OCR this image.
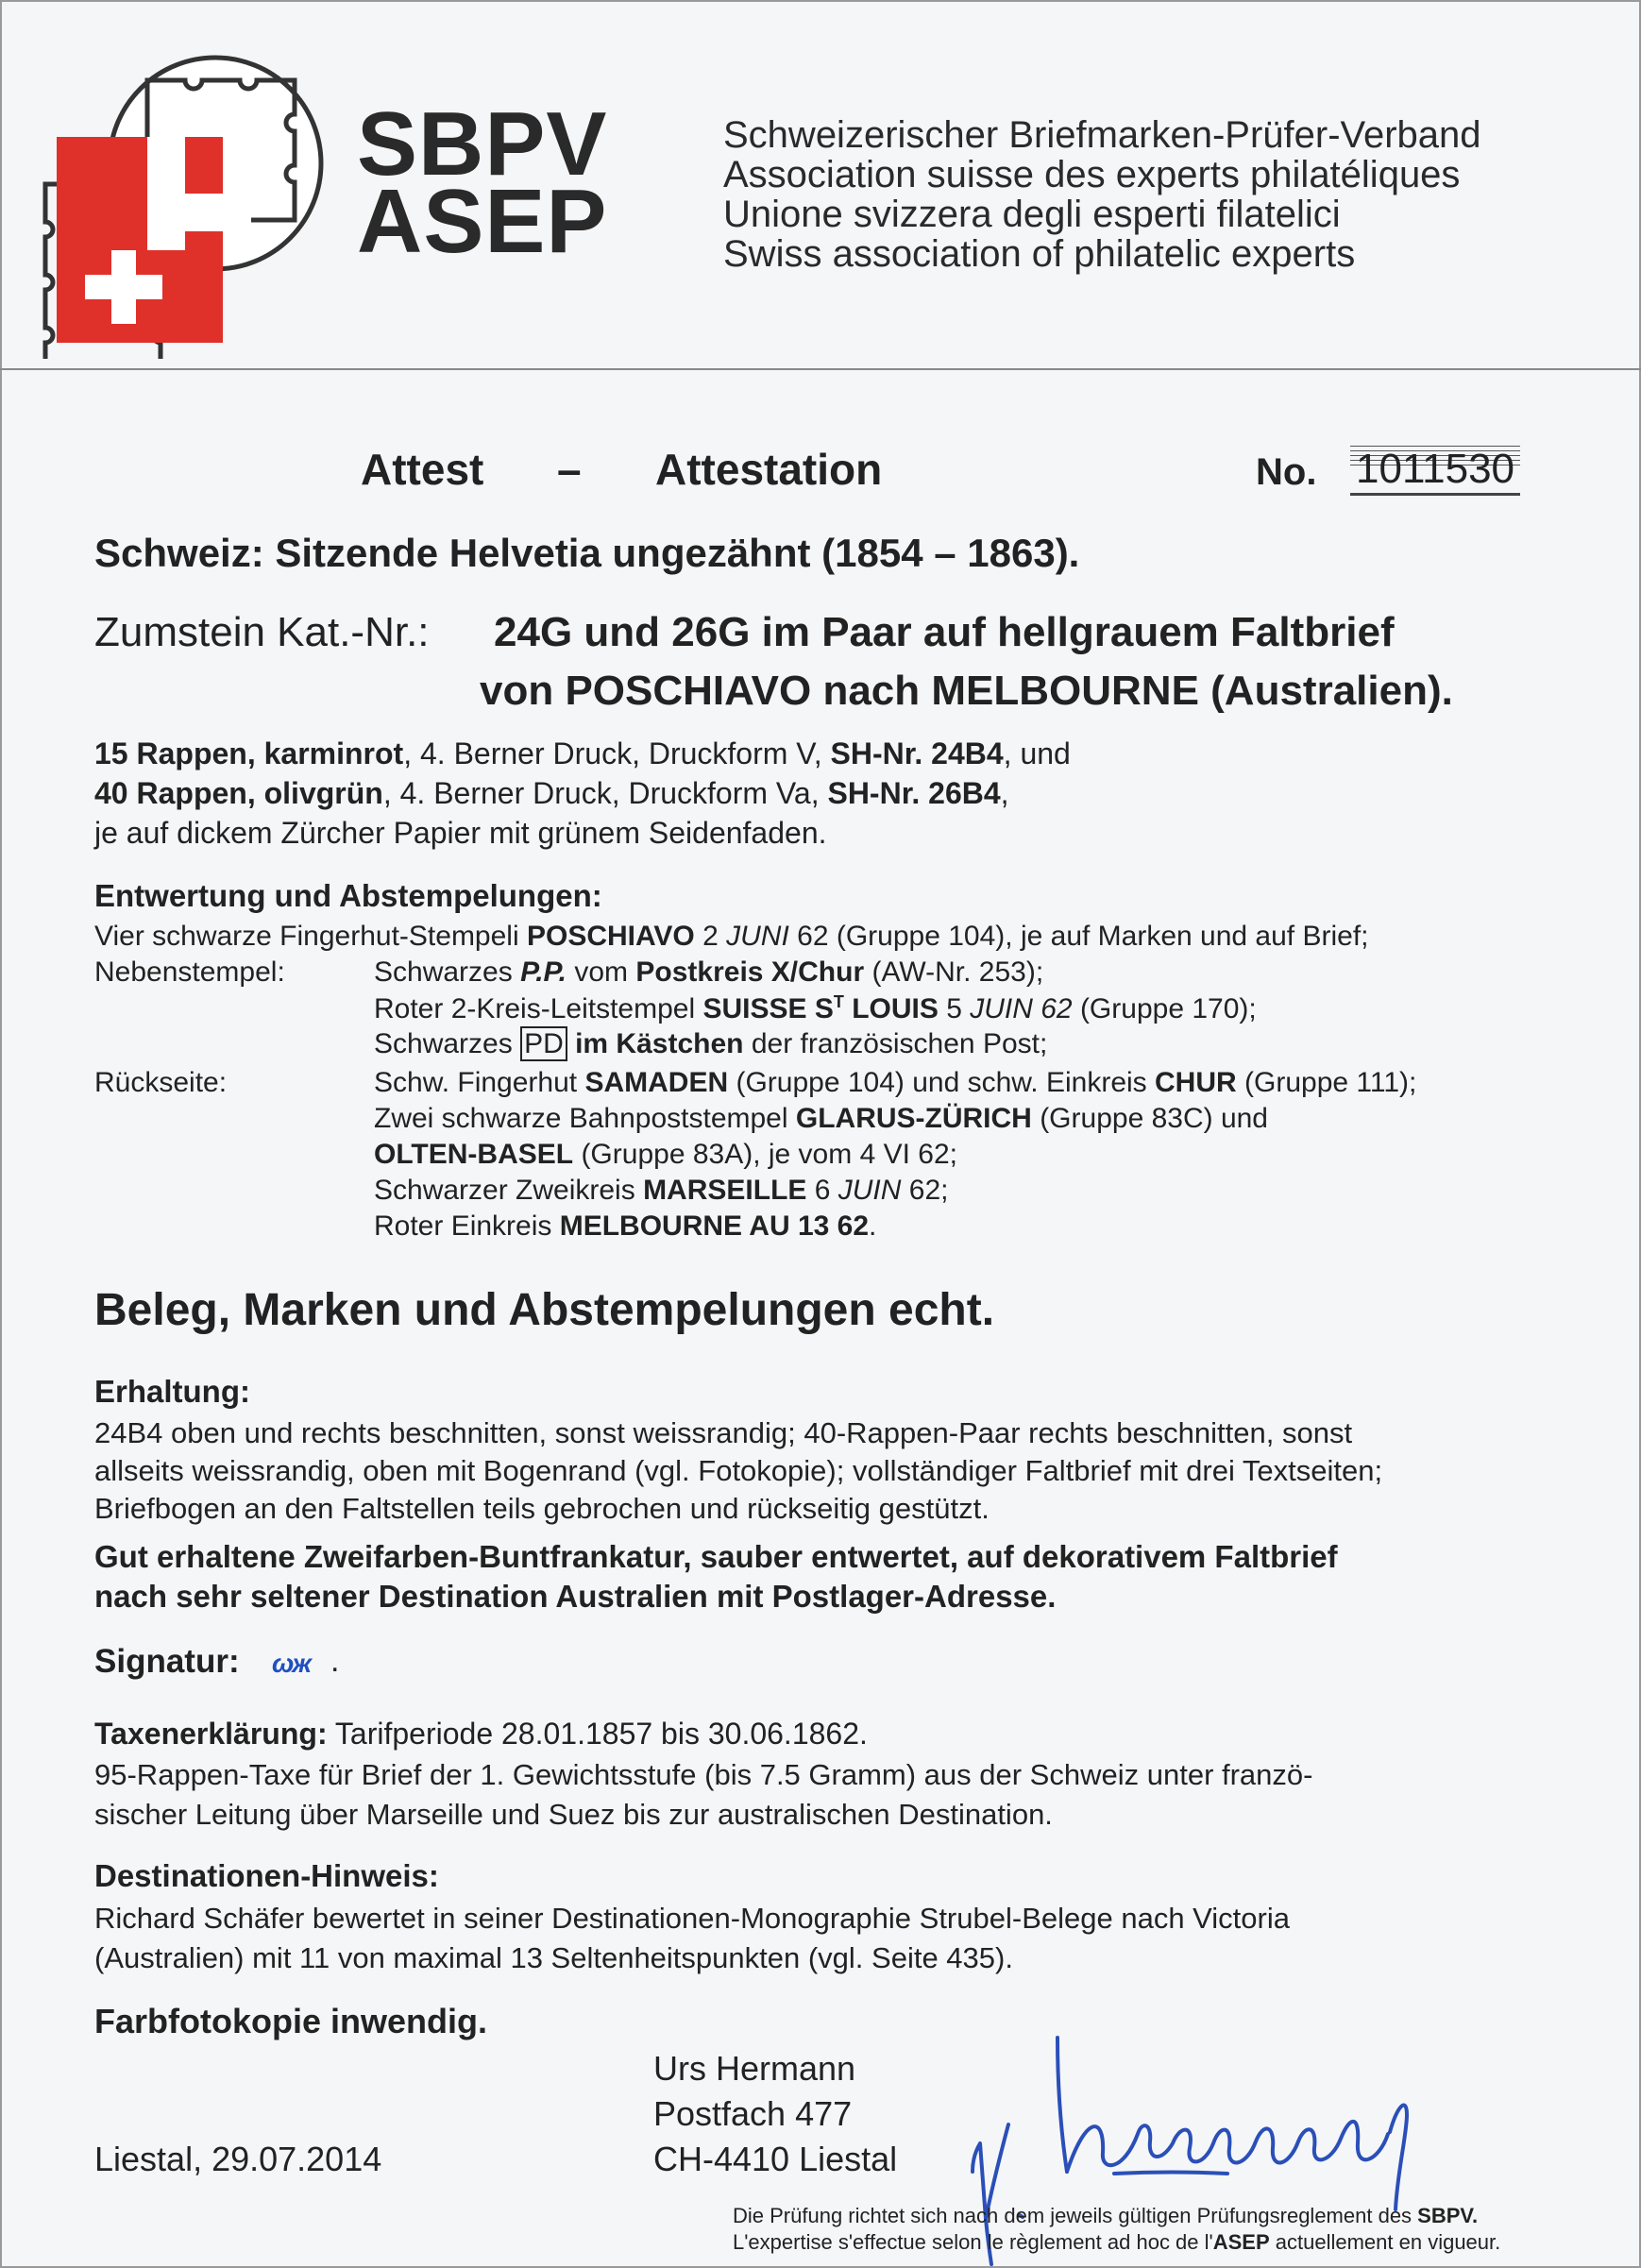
SBPV
ASEP
Schweizerischer Briefmarken-Prüfer-Verband
Association suisse des experts philatéliques
Unione svizzera degli esperti filatelici
Swiss association of philatelic experts
Attest – Attestation	No. 1011530
Schweiz: Sitzende Helvetia ungezähnt (1854 – 1863).
Zumstein Kat.-Nr.: 24G und 26G im Paar auf hellgrauem Faltbrief
von POSCHIAVO nach MELBOURNE (Australien).
15 Rappen, karminrot, 4. Berner Druck, Druckform V, SH-Nr. 24B4, und
40 Rappen, olivgrün, 4. Berner Druck, Druckform Va, SH-Nr. 26B4,
je auf dickem Zürcher Papier mit grünem Seidenfaden.
Entwertung und Abstempelungen:
Vier schwarze Fingerhut-Stempeli POSCHIAVO 2 JUNI 62 (Gruppe 104), je auf Marken und auf Brief;
Nebenstempel:	Schwarzes P.P. vom Postkreis X/Chur (AW-Nr. 253);
Roter 2-Kreis-Leitstempel SUISSE $S^T$ LOUIS 5 JUIN 62 (Gruppe 170);
Schwarzes PD im Kästchen der französischen Post;
Rückseite:	Schw. Fingerhut SAMADEN (Gruppe 104) und schw. Einkreis CHUR (Gruppe 111);
Zwei schwarze Bahnpoststempel GLARUS-ZÜRICH (Gruppe 83C) und
OLTEN-BASEL (Gruppe 83A), je vom 4 VI 62;
Schwarzer Zweikreis MARSEILLE 6 JUIN 62;
Roter Einkreis MELBOURNE AU 13 62.
Beleg, Marken und Abstempelungen echt.
Erhaltung:
24B4 oben und rechts beschnitten, sonst weissrandig; 40-Rappen-Paar rechts beschnitten, sonst
allseits weissrandig, oben mit Bogenrand (vgl. Fotokopie); vollständiger Faltbrief mit drei Textseiten;
Briefbogen an den Faltstellen teils gebrochen und rückseitig gestützt.
Gut erhaltene Zweifarben-Buntfrankatur, sauber entwertet, auf dekorativem Faltbrief
nach sehr seltener Destination Australien mit Postlager-Adresse.
Signatur: ωж .
Taxenerklärung: Tarifperiode 28.01.1857 bis 30.06.1862.
95-Rappen-Taxe für Brief der 1. Gewichtsstufe (bis 7.5 Gramm) aus der Schweiz unter franzö-
sischer Leitung über Marseille und Suez bis zur australischen Destination.
Destinationen-Hinweis:
Richard Schäfer bewertet in seiner Destinationen-Monographie Strubel-Belege nach Victoria
(Australien) mit 11 von maximal 13 Seltenheitspunkten (vgl. Seite 435).
Farbfotokopie inwendig.
Urs Hermann
Postfach 477
CH-4410 Liestal
Liestal, 29.07.2014
Die Prüfung richtet sich nach dem jeweils gültigen Prüfungsreglement des SBPV.
L'expertise s'effectue selon le règlement ad hoc de l'ASEP actuellement en vigueur.
